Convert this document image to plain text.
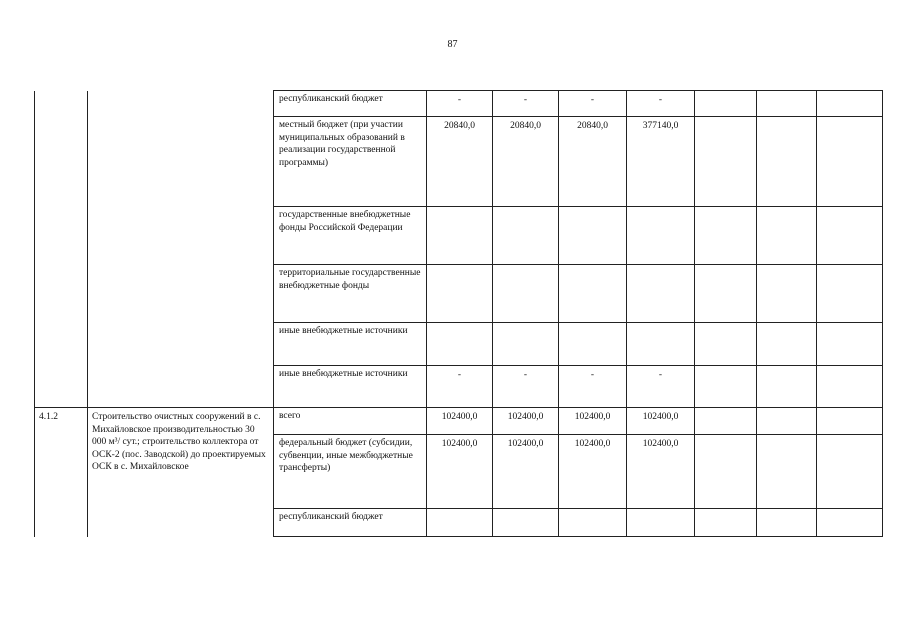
87
		республиканский бюджет	-	-	-	-			
		местный бюджет (при участии муниципальных образований в реализации государственной программы)	20840,0	20840,0	20840,0	377140,0			
		государственные внебюджетные фонды Российской Федерации							
		территориальные государственные внебюджетные фонды							
		иные внебюджетные источники							
		иные внебюджетные источники	-	-	-	-			
4.1.2	Строительство очистных сооружений в с. Михайловское производительностью 30 000 м³/ сут.; строительство коллектора от ОСК-2 (пос. Заводской) до проектируемых ОСК в с. Михайловское	всего	102400,0	102400,0	102400,0	102400,0			
		федеральный бюджет (субсидии, субвенции, иные межбюджетные трансферты)	102400,0	102400,0	102400,0	102400,0			
		республиканский бюджет							
